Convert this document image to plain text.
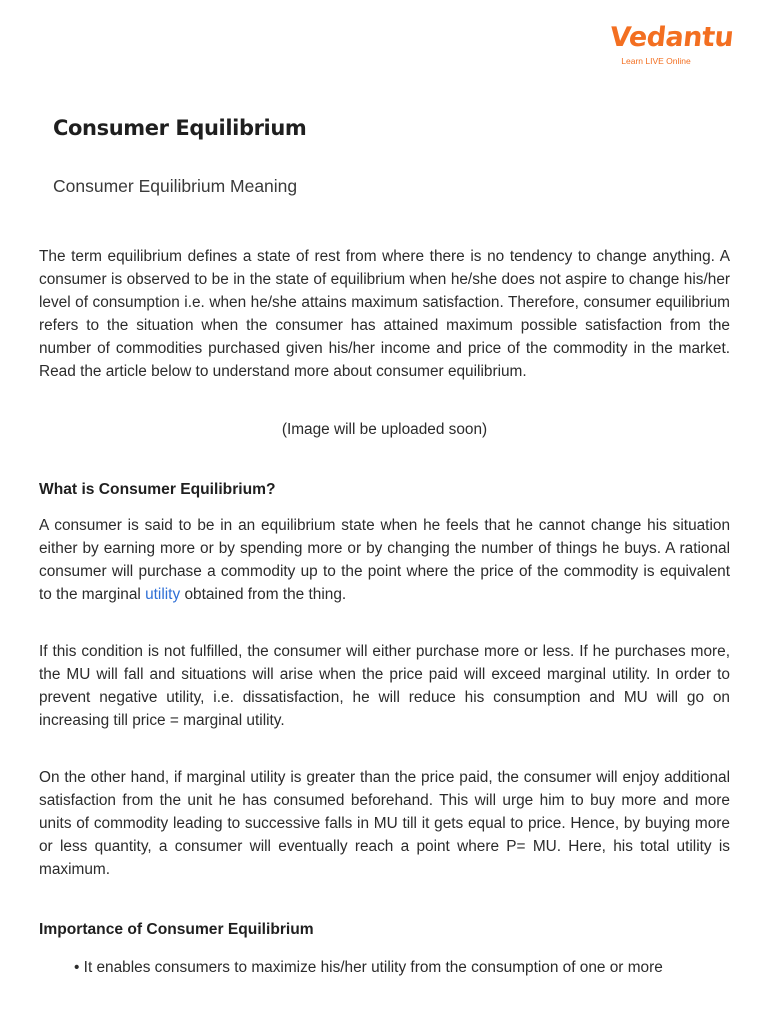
Vedantu
Learn LIVE Online
Consumer Equilibrium
Consumer Equilibrium Meaning

The term equilibrium defines a state of rest from where there is no tendency to change anything. A consumer is observed to be in the state of equilibrium when he/she does not aspire to change his/her level of consumption i.e. when he/she attains maximum satisfaction. Therefore, consumer equilibrium refers to the situation when the consumer has attained maximum possible satisfaction from the number of commodities purchased given his/her income and price of the commodity in the market. Read the article below to understand more about consumer equilibrium.

(Image will be uploaded soon)

What is Consumer Equilibrium?

A consumer is said to be in an equilibrium state when he feels that he cannot change his situation either by earning more or by spending more or by changing the number of things he buys. A rational consumer will purchase a commodity up to the point where the price of the commodity is equivalent to the marginal utility obtained from the thing.

If this condition is not fulfilled, the consumer will either purchase more or less. If he purchases more, the MU will fall and situations will arise when the price paid will exceed marginal utility. In order to prevent negative utility, i.e. dissatisfaction, he will reduce his consumption and MU will go on increasing till price = marginal utility.

On the other hand, if marginal utility is greater than the price paid, the consumer will enjoy additional satisfaction from the unit he has consumed beforehand. This will urge him to buy more and more units of commodity leading to successive falls in MU till it gets equal to price. Hence, by buying more or less quantity, a consumer will eventually reach a point where P= MU. Here, his total utility is maximum.

Importance of Consumer Equilibrium

• It enables consumers to maximize his/her utility from the consumption of one or more
